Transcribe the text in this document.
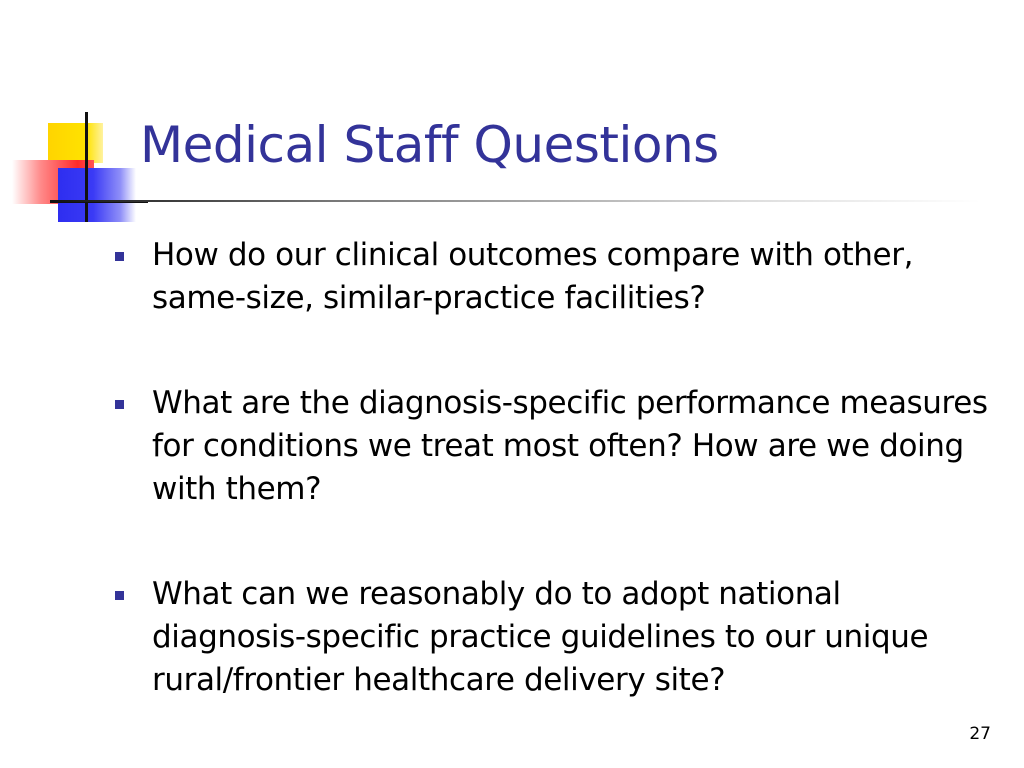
Medical Staff Questions
How do our clinical outcomes compare with other, same-size, similar-practice facilities?
What are the diagnosis-specific performance measures for conditions we treat most often? How are we doing with them?
What can we reasonably do to adopt national diagnosis-specific practice guidelines to our unique rural/frontier healthcare delivery site?
27
